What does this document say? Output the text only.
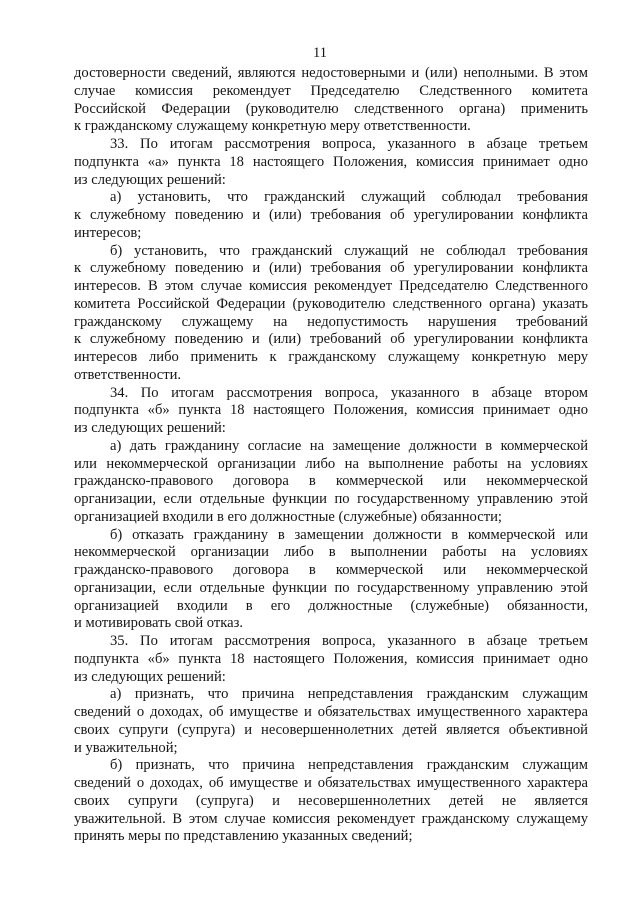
11
достоверности сведений, являются недостоверными и (или) неполными. В этом
случае комиссия рекомендует Председателю Следственного комитета
Российской Федерации (руководителю следственного органа) применить
к гражданскому служащему конкретную меру ответственности.
33. По итогам рассмотрения вопроса, указанного в абзаце третьем
подпункта «а» пункта 18 настоящего Положения, комиссия принимает одно
из следующих решений:
а) установить, что гражданский служащий соблюдал требования
к служебному поведению и (или) требования об урегулировании конфликта
интересов;
б) установить, что гражданский служащий не соблюдал требования
к служебному поведению и (или) требования об урегулировании конфликта
интересов. В этом случае комиссия рекомендует Председателю Следственного
комитета Российской Федерации (руководителю следственного органа) указать
гражданскому служащему на недопустимость нарушения требований
к служебному поведению и (или) требований об урегулировании конфликта
интересов либо применить к гражданскому служащему конкретную меру
ответственности.
34. По итогам рассмотрения вопроса, указанного в абзаце втором
подпункта «б» пункта 18 настоящего Положения, комиссия принимает одно
из следующих решений:
а) дать гражданину согласие на замещение должности в коммерческой
или некоммерческой организации либо на выполнение работы на условиях
гражданско-правового договора в коммерческой или некоммерческой
организации, если отдельные функции по государственному управлению этой
организацией входили в его должностные (служебные) обязанности;
б) отказать гражданину в замещении должности в коммерческой или
некоммерческой организации либо в выполнении работы на условиях
гражданско-правового договора в коммерческой или некоммерческой
организации, если отдельные функции по государственному управлению этой
организацией входили в его должностные (служебные) обязанности,
и мотивировать свой отказ.
35. По итогам рассмотрения вопроса, указанного в абзаце третьем
подпункта «б» пункта 18 настоящего Положения, комиссия принимает одно
из следующих решений:
а) признать, что причина непредставления гражданским служащим
сведений о доходах, об имуществе и обязательствах имущественного характера
своих супруги (супруга) и несовершеннолетних детей является объективной
и уважительной;
б) признать, что причина непредставления гражданским служащим
сведений о доходах, об имуществе и обязательствах имущественного характера
своих супруги (супруга) и несовершеннолетних детей не является
уважительной. В этом случае комиссия рекомендует гражданскому служащему
принять меры по представлению указанных сведений;
